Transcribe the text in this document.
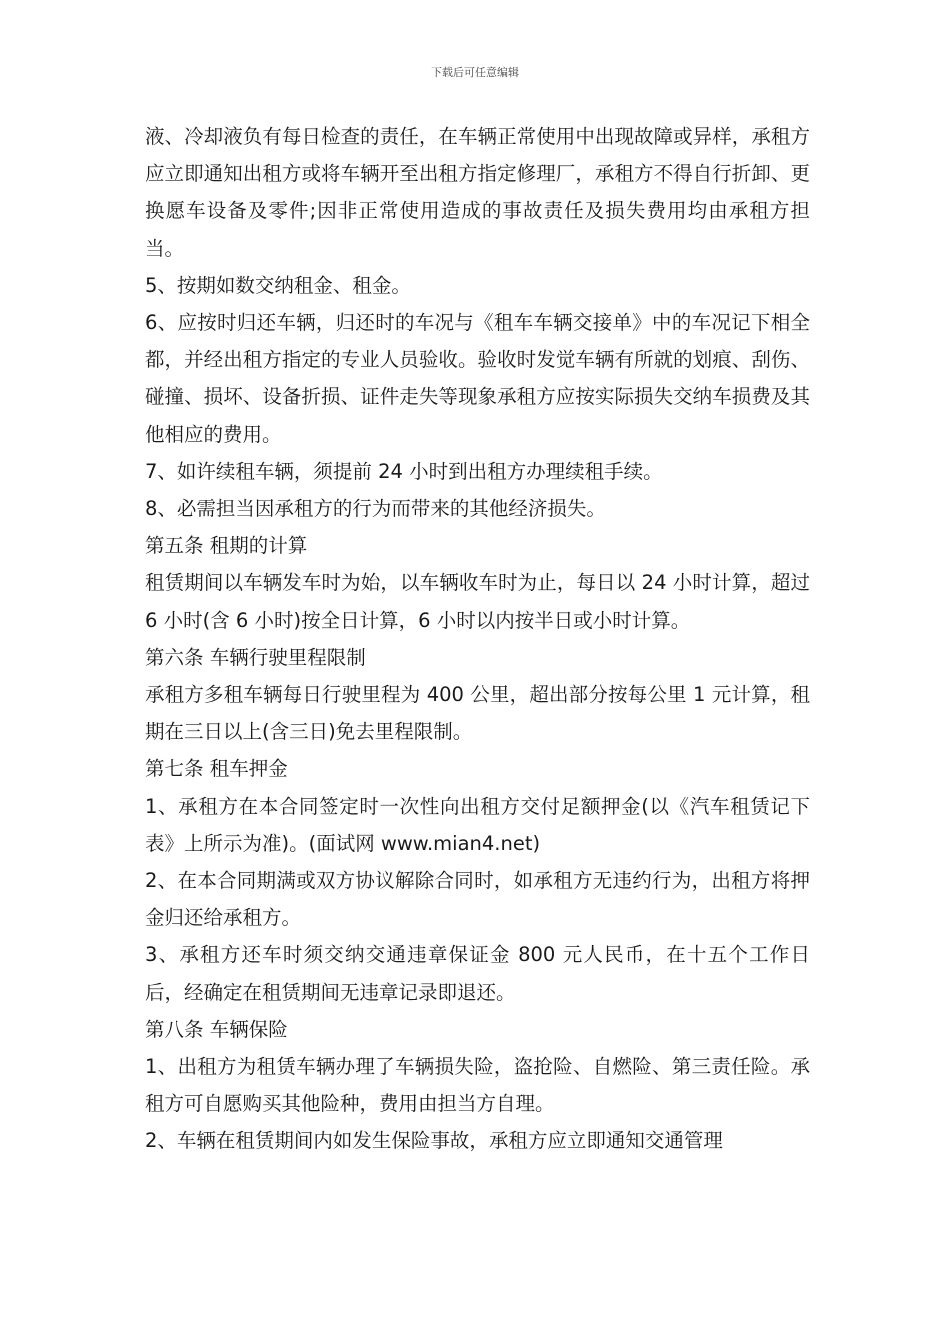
下载后可任意编辑

液、冷却液负有每日检查的责任，在车辆正常使用中出现故障或异样，承租方应立即通知出租方或将车辆开至出租方指定修理厂，承租方不得自行折卸、更换愿车设备及零件;因非正常使用造成的事故责任及损失费用均由承租方担当。

5、按期如数交纳租金、租金。

6、应按时归还车辆，归还时的车况与《租车车辆交接单》中的车况记下相全都，并经出租方指定的专业人员验收。验收时发觉车辆有所就的划痕、刮伤、碰撞、损坏、设备折损、证件走失等现象承租方应按实际损失交纳车损费及其他相应的费用。

7、如许续租车辆，须提前 24 小时到出租方办理续租手续。

8、必需担当因承租方的行为而带来的其他经济损失。

第五条 租期的计算

租赁期间以车辆发车时为始，以车辆收车时为止，每日以 24 小时计算，超过 6 小时(含 6 小时)按全日计算，6 小时以内按半日或小时计算。

第六条 车辆行驶里程限制

承租方多租车辆每日行驶里程为 400 公里，超出部分按每公里 1 元计算，租期在三日以上(含三日)免去里程限制。

第七条 租车押金

1、承租方在本合同签定时一次性向出租方交付足额押金(以《汽车租赁记下表》上所示为准)。(面试网 www.mian4.net)

2、在本合同期满或双方协议解除合同时，如承租方无违约行为，出租方将押金归还给承租方。

3、承租方还车时须交纳交通违章保证金 800 元人民币，在十五个工作日后，经确定在租赁期间无违章记录即退还。

第八条 车辆保险

1、出租方为租赁车辆办理了车辆损失险，盗抢险、自燃险、第三责任险。承租方可自愿购买其他险种，费用由担当方自理。

2、车辆在租赁期间内如发生保险事故，承租方应立即通知交通管理
